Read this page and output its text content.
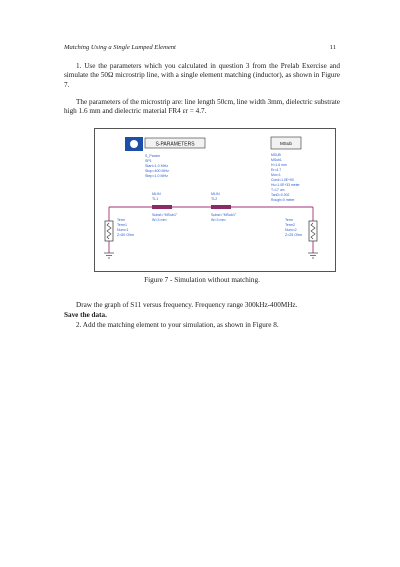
Matching Using a Single Lumped Element	11
1. Use the parameters which you calculated in question 3 from the Prelab Exercise and simulate the 50Ω microstrip line, with a single element matching (inductor), as shown in Figure 7.
The parameters of the microstrip are: line length 50cm, line width 3mm, dielectric substrate high 1.6 mm and dielectric material FR4 εr = 4.7.
S-PARAMETERS
S_Param
SP1
Start=1.0 MHz
Stop=400 MHz
Step=1.0 MHz
MSub
MSUB
MSub1
H=1.6 mm
Er=4.7
Mur=1
Cond=1.0E+50
Hu=1.0E+33 meter
T=17 um
TanD=0.002
Rough=0 meter
MLIN
TL1
Subst="MSub1"
W=3 mm
MLIN
TL2
Subst="MSub1"
W=3 mm
Term
Term1
Num=1
Z=50 Ohm
Term
Term2
Num=2
Z=25 Ohm
Figure 7 - Simulation without matching.
Draw the graph of S11 versus frequency. Frequency range 300kHz-400MHz.
Save the data.
2. Add the matching element to your simulation, as shown in Figure 8.
